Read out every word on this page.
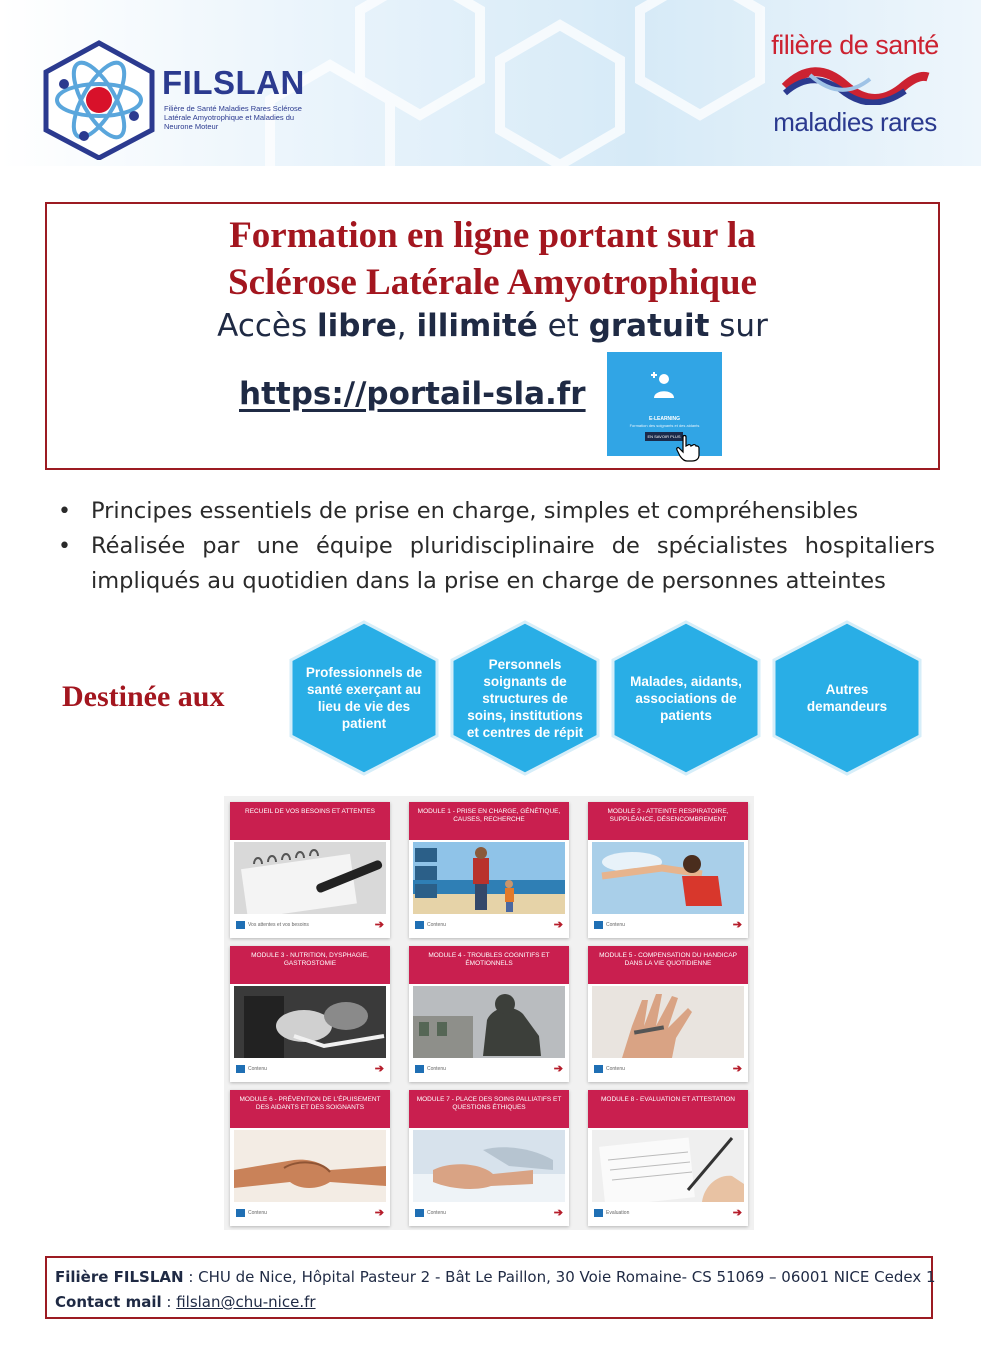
FILSLAN
Filière de Santé Maladies Rares Sclérose Latérale Amyotrophique et Maladies du Neurone Moteur
filière de santé
maladies rares
Formation en ligne portant sur la
Sclérose Latérale Amyotrophique
Accès libre, illimité et gratuit sur
https://portail-sla.fr
E-LEARNING
Formation des soignants et des aidants
EN SAVOIR PLUS
• Principes essentiels de prise en charge, simples et compréhensibles
• Réalisée par une équipe pluridisciplinaire de spécialistes hospitaliers impliqués au quotidien dans la prise en charge de personnes atteintes
Destinée aux
Professionnels de santé exerçant au lieu de vie des patient
Personnels soignants de structures de soins, institutions et centres de répit
Malades, aidants, associations de patients
Autres demandeurs
RECUEIL DE VOS BESOINS ET ATTENTES
Vos attentes et vos besoins	➔
MODULE 1 - PRISE EN CHARGE, GÉNÉTIQUE, CAUSES, RECHERCHE
Contenu	➔
MODULE 2 - ATTEINTE RESPIRATOIRE, SUPPLÉANCE, DÉSENCOMBREMENT
Contenu	➔
MODULE 3 - NUTRITION, DYSPHAGIE, GASTROSTOMIE
Contenu	➔
MODULE 4 - TROUBLES COGNITIFS ET ÉMOTIONNELS
Contenu	➔
MODULE 5 - COMPENSATION DU HANDICAP DANS LA VIE QUOTIDIENNE
Contenu	➔
MODULE 6 - PRÉVENTION DE L'ÉPUISEMENT DES AIDANTS ET DES SOIGNANTS
Contenu	➔
MODULE 7 - PLACE DES SOINS PALLIATIFS ET QUESTIONS ÉTHIQUES
Contenu	➔
MODULE 8 - EVALUATION ET ATTESTATION
Evaluation	➔
Filière FILSLAN : CHU de Nice, Hôpital Pasteur 2 - Bât Le Paillon, 30 Voie Romaine- CS 51069 – 06001 NICE Cedex 1
Contact mail : filslan@chu-nice.fr
